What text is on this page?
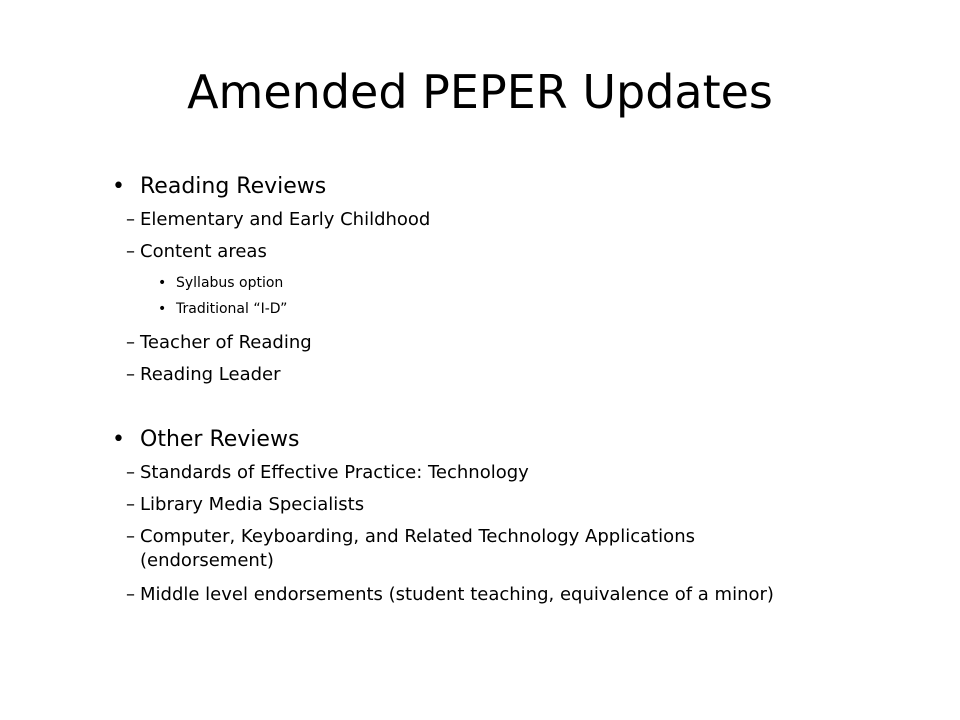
Amended PEPER Updates
• Reading Reviews
– Elementary and Early Childhood
– Content areas
• Syllabus option
• Traditional “I-D”
– Teacher of Reading
– Reading Leader
• Other Reviews
– Standards of Effective Practice: Technology
– Library Media Specialists
– Computer, Keyboarding, and Related Technology Applications
(endorsement)
– Middle level endorsements (student teaching, equivalence of a minor)
